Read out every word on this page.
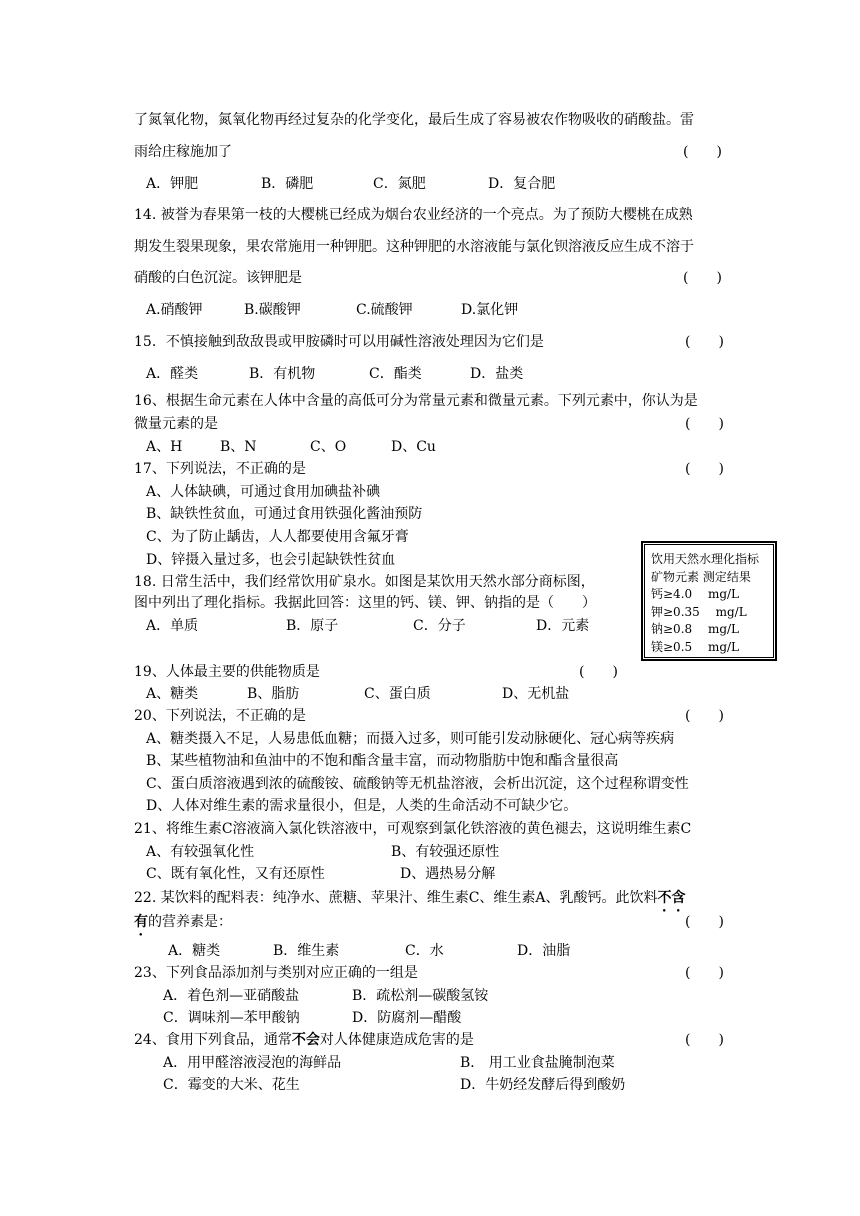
了氮氧化物，氮氧化物再经过复杂的化学变化，最后生成了容易被农作物吸收的硝酸盐。雷
雨给庄稼施加了	(　　)
A．钾肥	B．磷肥	C．氮肥	D．复合肥
14. 被誉为春果第一枝的大樱桃已经成为烟台农业经济的一个亮点。为了预防大樱桃在成熟
期发生裂果现象，果农常施用一种钾肥。这种钾肥的水溶液能与氯化钡溶液反应生成不溶于
硝酸的白色沉淀。该钾肥是	(　　)
A.硝酸钾	B.碳酸钾	C.硫酸钾	D.氯化钾
15．不慎接触到敌敌畏或甲胺磷时可以用碱性溶液处理因为它们是	(　　)
A．醛类	B．有机物	C．酯类	D．盐类
16、根据生命元素在人体中含量的高低可分为常量元素和微量元素。下列元素中，你认为是
微量元素的是	(　　)
A、H	B、N	C、O	D、Cu
17、下列说法，不正确的是	(　　)
A、人体缺碘，可通过食用加碘盐补碘
B、缺铁性贫血，可通过食用铁强化酱油预防
C、为了防止龋齿，人人都要使用含氟牙膏
D、锌摄入量过多，也会引起缺铁性贫血
18. 日常生活中，我们经常饮用矿泉水。如图是某饮用天然水部分商标图，
图中列出了理化指标。我据此回答：这里的钙、镁、钾、钠指的是（　　）
A．单质	B．原子	C．分子	D．元素
饮用天然水理化指标
矿物元素 测定结果
钙≥4.0　 mg/L
钾≥0.35　 mg/L
钠≥0.8　 mg/L
镁≥0.5　 mg/L
19、人体最主要的供能物质是	(　　)
A、糖类	B、脂肪	C、蛋白质	D、无机盐
20、下列说法，不正确的是	(　　)
A、糖类摄入不足，人易患低血糖；而摄入过多，则可能引发动脉硬化、冠心病等疾病
B、某些植物油和鱼油中的不饱和酯含量丰富，而动物脂肪中饱和酯含量很高
C、蛋白质溶液遇到浓的硫酸铵、硫酸钠等无机盐溶液，会析出沉淀，这个过程称谓变性
D、人体对维生素的需求量很小，但是，人类的生命活动不可缺少它。
21、将维生素C溶液滴入氯化铁溶液中，可观察到氯化铁溶液的黄色褪去，这说明维生素C
A、有较强氧化性	B、有较强还原性
C、既有氧化性，又有还原性	D、遇热易分解
22. 某饮料的配料表：纯净水、蔗糖、苹果汁、维生素C、维生素A、乳酸钙。此饮料不含
有的营养素是：	(　　)
A．糖类	B．维生素	C．水	D．油脂
23、下列食品添加剂与类别对应正确的一组是	(　　)
A．着色剂—亚硝酸盐	B．疏松剂—碳酸氢铵
C．调味剂—苯甲酸钠	D．防腐剂—醋酸
24、食用下列食品，通常不会对人体健康造成危害的是	(　　)
A．用甲醛溶液浸泡的海鲜品	B． 用工业食盐腌制泡菜
C．霉变的大米、花生	D．牛奶经发酵后得到酸奶
